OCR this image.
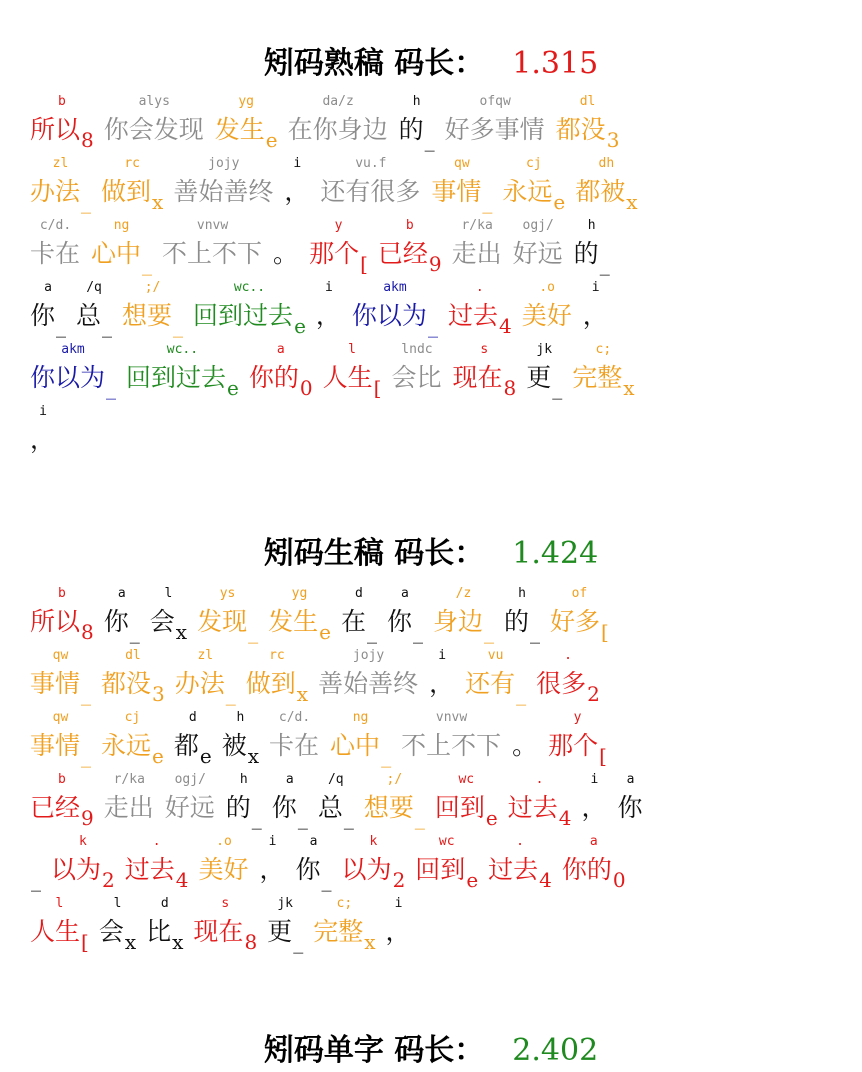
矧码熟稿 码长： 1.315
b
所以$_8$
alys
你会发现
yg
发生$_e$
da/z
在你身边
h
的$_{\_}$
ofqw
好多事情
dl
都没$_3$
zl
办法$_{\_}$
rc
做到$_x$
jojy
善始善终
i
，
vu.f
还有很多
qw
事情$_{\_}$
cj
永远$_e$
dh
都被$_x$
c/d.
卡在
ng
心中$_{\_}$
vnvw
不上不下 。
y
那个$_[$
b
已经$_9$
r/ka
走出
ogj/
好远
h
的$_{\_}$
a
你$_{\_}$
/q
总$_{\_}$
;/
想要$_{\_}$
wc..
回到过去$_e$
i
，
akm
你以为$_{\_}$
.
过去$_4$
.o
美好
i
，
akm
你以为$_{\_}$
wc..
回到过去$_e$
a
你的$_0$
l
人生$_[$
lndc
会比
s
现在$_8$
jk
更$_{\_}$
c;
完整$_x$
i
，
矧码生稿 码长： 1.424
b
所以$_8$
a
你$_{\_}$
l
会$_x$
ys
发现$_{\_}$
yg
发生$_e$
d
在$_{\_}$
a
你$_{\_}$
/z
身边$_{\_}$
h
的$_{\_}$
of
好多$_[$
qw
事情$_{\_}$
dl
都没$_3$
zl
办法$_{\_}$
rc
做到$_x$
jojy
善始善终
i
，
vu
还有$_{\_}$
.
很多$_2$
qw
事情$_{\_}$
cj
永远$_e$
d
都$_e$
h
被$_x$
c/d.
卡在
ng
心中$_{\_}$
vnvw
不上不下 。
y
那个$_[$
b
已经$_9$
r/ka
走出
ogj/
好远
h
的$_{\_}$
a
你$_{\_}$
/q
总$_{\_}$
;/
想要$_{\_}$
wc
回到$_e$
.
过去$_4$
i
，
a
你
$_{\_}$
k
以为$_2$
.
过去$_4$
.o
美好
i
，
a
你$_{\_}$
k
以为$_2$
wc
回到$_e$
.
过去$_4$
a
你的$_0$
l
人生$_[$
l
会$_x$
d
比$_x$
s
现在$_8$
jk
更$_{\_}$
c;
完整$_x$
i
，
矧码单字 码长： 2.402
